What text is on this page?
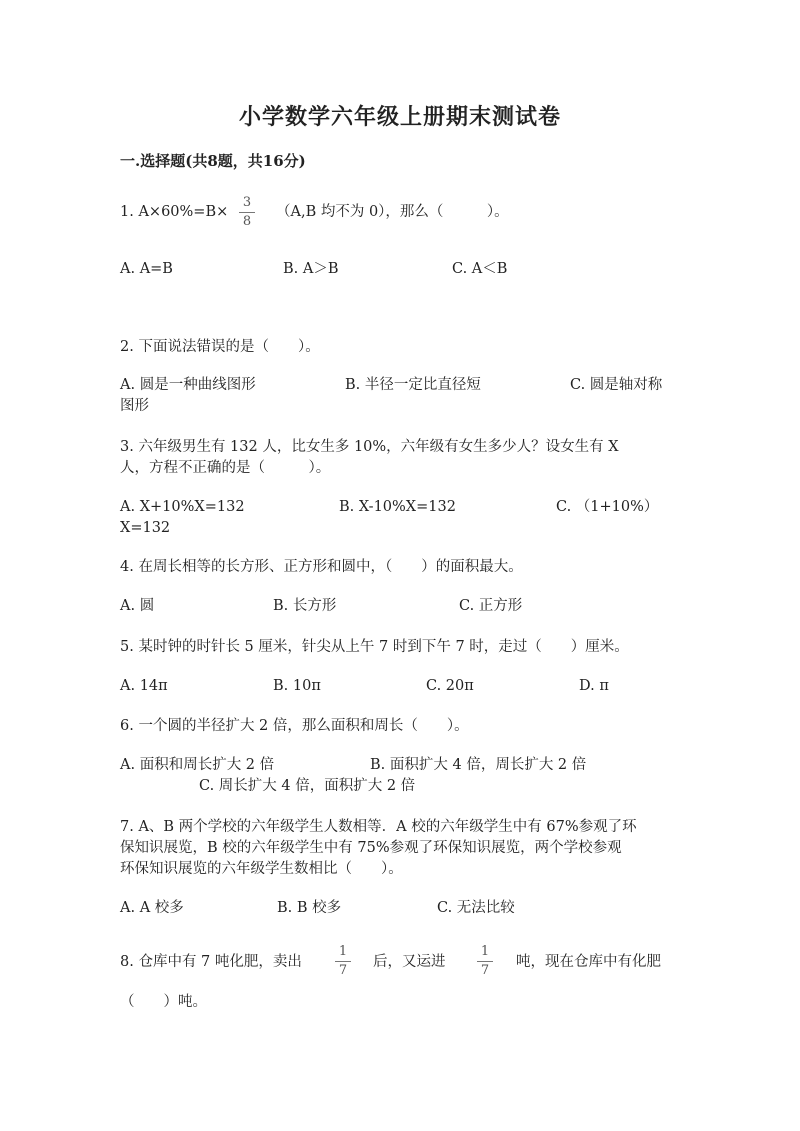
小学数学六年级上册期末测试卷
一.选择题(共8题，共16分)
1. A×60%=B×
3
8
（A,B 均不为 0），那么（　　　）。
A. A=B	B. A＞B	C. A＜B
2. 下面说法错误的是（　　）。
A. 圆是一种曲线图形	B. 半径一定比直径短	C. 圆是轴对称
图形
3. 六年级男生有 132 人，比女生多 10%，六年级有女生多少人？设女生有 X
人，方程不正确的是（　　　）。
A. X+10%X=132	B. X-10%X=132	C. （1+10%）
X=132
4. 在周长相等的长方形、正方形和圆中，（　　）的面积最大。
A. 圆	B. 长方形	C. 正方形
5. 某时钟的时针长 5 厘米，针尖从上午 7 时到下午 7 时，走过（　　）厘米。
A. 14π	B. 10π	C. 20π	D. π
6. 一个圆的半径扩大 2 倍，那么面积和周长（　　）。
A. 面积和周长扩大 2 倍	B. 面积扩大 4 倍，周长扩大 2 倍
C. 周长扩大 4 倍，面积扩大 2 倍
7. A、B 两个学校的六年级学生人数相等．A 校的六年级学生中有 67%参观了环
保知识展览，B 校的六年级学生中有 75%参观了环保知识展览，两个学校参观
环保知识展览的六年级学生数相比（　　）。
A. A 校多	B. B 校多	C. 无法比较
8. 仓库中有 7 吨化肥，卖出
1
7
后，又运进
1
7
吨，现在仓库中有化肥
（　　）吨。
